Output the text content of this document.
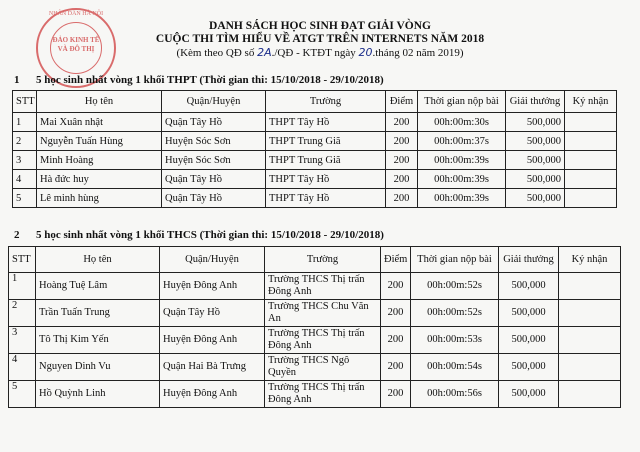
NHÂN DÂN HÀ NỘI
ĐẢO KINH TẾ VÀ ĐÔ THỊ
DANH SÁCH HỌC SINH ĐẠT GIẢI VÒNG
CUỘC THI TÌM HIỂU VỀ ATGT TRÊN INTERNETS NĂM 2018
(Kèm theo QĐ số 2A./QĐ - KTĐT ngày 20.tháng 02 năm 2019)
1 5 học sinh nhất vòng 1 khối THPT (Thời gian thi: 15/10/2018 - 29/10/2018)
STT	Họ tên	Quận/Huyện	Trường	Điểm	Thời gian nộp bài	Giải thưởng	Ký nhận
1	Mai Xuân nhật	Quận Tây Hồ	THPT Tây Hồ	200	00h:00m:30s	500,000	
2	Nguyễn Tuấn Hùng	Huyện Sóc Sơn	THPT Trung Giã	200	00h:00m:37s	500,000	
3	Minh Hoàng	Huyện Sóc Sơn	THPT Trung Giã	200	00h:00m:39s	500,000	
4	Hà đức huy	Quận Tây Hồ	THPT Tây Hồ	200	00h:00m:39s	500,000	
5	Lê minh hùng	Quận Tây Hồ	THPT Tây Hồ	200	00h:00m:39s	500,000	
2 5 học sinh nhất vòng 1 khối THCS (Thời gian thi: 15/10/2018 - 29/10/2018)
STT	Họ tên	Quận/Huyện	Trường	Điểm	Thời gian nộp bài	Giải thưởng	Ký nhận
1	Hoàng Tuệ Lâm	Huyện Đông Anh	Trường THCS Thị trấn
Đông Anh	200	00h:00m:52s	500,000	
2	Trần Tuấn Trung	Quận Tây Hồ	Trường THCS Chu Văn
An	200	00h:00m:52s	500,000	
3	Tô Thị Kim Yến	Huyện Đông Anh	Trường THCS Thị trấn
Đông Anh	200	00h:00m:53s	500,000	
4	Nguyen Dinh Vu	Quận Hai Bà Trưng	Trường THCS Ngô
Quyền	200	00h:00m:54s	500,000	
5	Hồ Quỳnh Linh	Huyện Đông Anh	Trường THCS Thị trấn
Đông Anh	200	00h:00m:56s	500,000	
